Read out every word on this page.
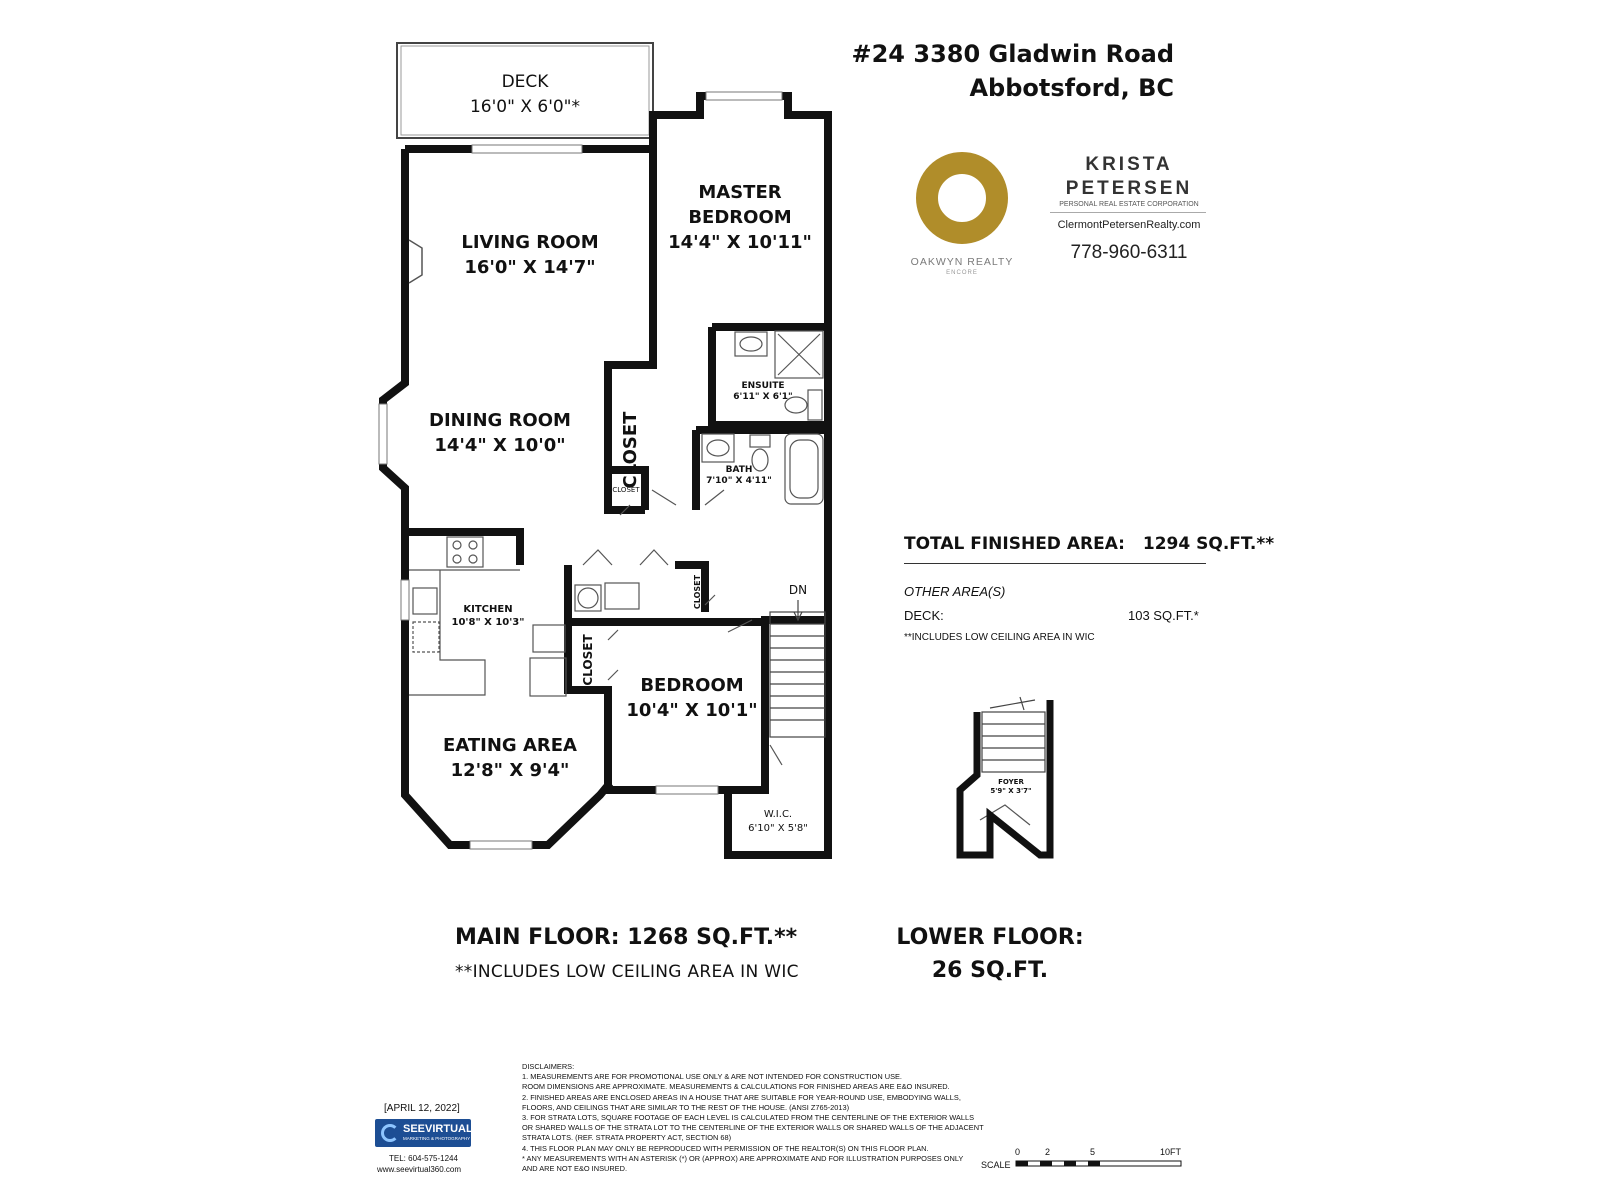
#24 3380 Gladwin Road
Abbotsford, BC
OAKWYN REALTY
ENCORE
KRISTA
PETERSEN
PERSONAL REAL ESTATE CORPORATION
ClermontPetersenRealty.com
778-960-6311
CLOSET
CLOSET
CLOSET
CLOSET
DN
DECK
16'0" X 6'0"*
LIVING ROOM
16'0" X 14'7"
MASTER
BEDROOM
14'4" X 10'11"
ENSUITE
6'11" X 6'1"
DINING ROOM
14'4" X 10'0"
BATH
7'10" X 4'11"
KITCHEN
10'8" X 10'3"
BEDROOM
10'4" X 10'1"
EATING AREA
12'8" X 9'4"
W.I.C.
6'10" X 5'8"
FOYER
5'9" X 3'7"
TOTAL FINISHED AREA: 1294 SQ.FT.**
OTHER AREA(S)
DECK:	103 SQ.FT.*
**INCLUDES LOW CEILING AREA IN WIC
MAIN FLOOR: 1268 SQ.FT.**
**INCLUDES LOW CEILING AREA IN WIC
LOWER FLOOR:
26 SQ.FT.
[APRIL 12, 2022]
SEEVIRTUAL
MARKETING & PHOTOGRAPHY
TEL: 604-575-1244
www.seevirtual360.com
DISCLAIMERS:
1. MEASUREMENTS ARE FOR PROMOTIONAL USE ONLY & ARE NOT INTENDED FOR CONSTRUCTION USE.
ROOM DIMENSIONS ARE APPROXIMATE. MEASUREMENTS & CALCULATIONS FOR FINISHED AREAS ARE E&O INSURED.
2. FINISHED AREAS ARE ENCLOSED AREAS IN A HOUSE THAT ARE SUITABLE FOR YEAR-ROUND USE, EMBODYING WALLS,
FLOORS, AND CEILINGS THAT ARE SIMILAR TO THE REST OF THE HOUSE. (ANSI Z765-2013)
3. FOR STRATA LOTS, SQUARE FOOTAGE OF EACH LEVEL IS CALCULATED FROM THE CENTERLINE OF THE EXTERIOR WALLS
OR SHARED WALLS OF THE STRATA LOT TO THE CENTERLINE OF THE EXTERIOR WALLS OR SHARED WALLS OF THE ADJACENT
STRATA LOTS. (REF. STRATA PROPERTY ACT, SECTION 68)
4. THIS FLOOR PLAN MAY ONLY BE REPRODUCED WITH PERMISSION OF THE REALTOR(S) ON THIS FLOOR PLAN.
* ANY MEASUREMENTS WITH AN ASTERISK (*) OR (APPROX) ARE APPROXIMATE AND FOR ILLUSTRATION PURPOSES ONLY
AND ARE NOT E&O INSURED.	SCALE
0	2	5	10FT
